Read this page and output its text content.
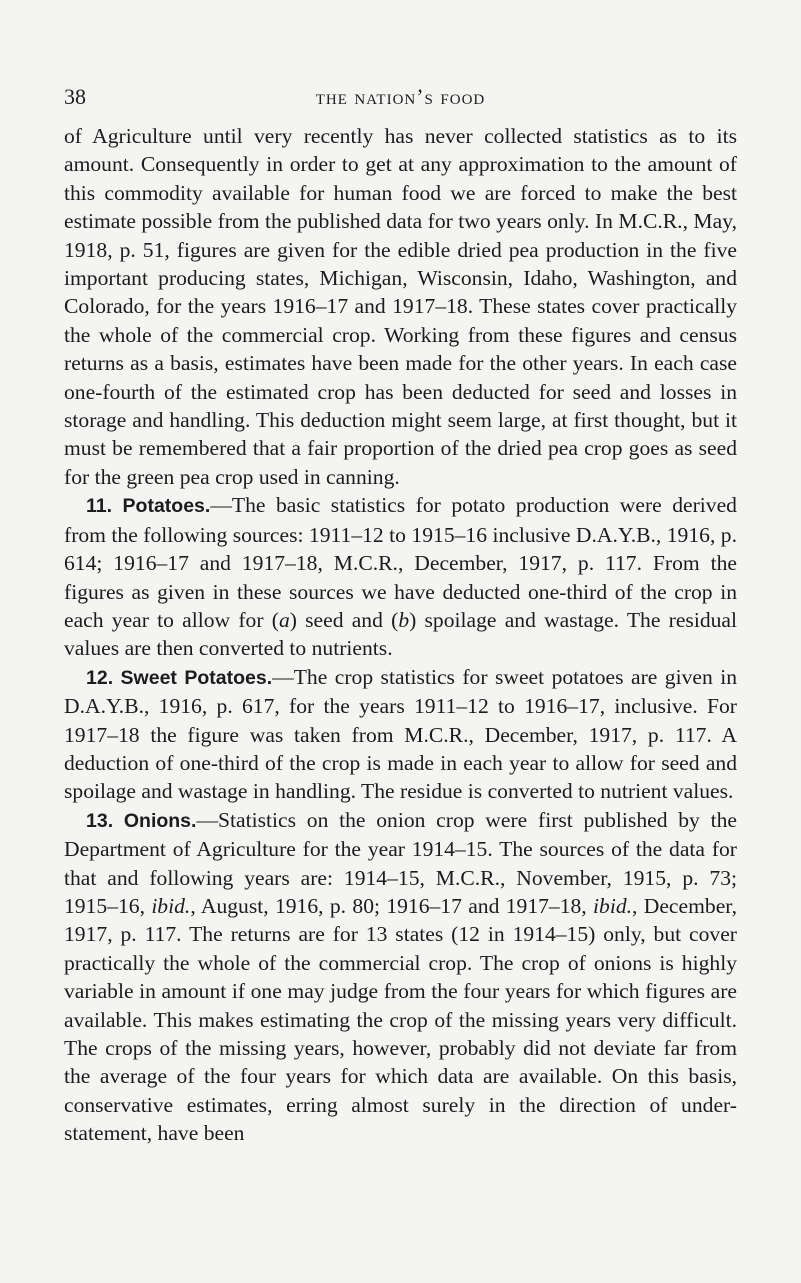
38	the nation’s food

of Agriculture until very recently has never collected statistics as to its amount. Consequently in order to get at any approximation to the amount of this commodity available for human food we are forced to make the best estimate possible from the published data for two years only. In M.C.R., May, 1918, p. 51, figures are given for the edible dried pea production in the five important producing states, Michigan, Wisconsin, Idaho, Washington, and Colorado, for the years 1916–17 and 1917–18. These states cover practically the whole of the commercial crop. Working from these figures and census returns as a basis, estimates have been made for the other years. In each case one-fourth of the estimated crop has been deducted for seed and losses in storage and handling. This deduction might seem large, at first thought, but it must be remembered that a fair proportion of the dried pea crop goes as seed for the green pea crop used in canning.

11. Potatoes.—The basic statistics for potato production were derived from the following sources: 1911–12 to 1915–16 inclusive D.A.Y.B., 1916, p. 614; 1916–17 and 1917–18, M.C.R., December, 1917, p. 117. From the figures as given in these sources we have deducted one-third of the crop in each year to allow for (a) seed and (b) spoilage and wastage. The residual values are then converted to nutrients.

12. Sweet Potatoes.—The crop statistics for sweet potatoes are given in D.A.Y.B., 1916, p. 617, for the years 1911–12 to 1916–17, inclusive. For 1917–18 the figure was taken from M.C.R., December, 1917, p. 117. A deduction of one-third of the crop is made in each year to allow for seed and spoilage and wastage in handling. The residue is converted to nutrient values.

13. Onions.—Statistics on the onion crop were first published by the Department of Agriculture for the year 1914–15. The sources of the data for that and following years are: 1914–15, M.C.R., November, 1915, p. 73; 1915–16, ibid., August, 1916, p. 80; 1916–17 and 1917–18, ibid., December, 1917, p. 117. The returns are for 13 states (12 in 1914–15) only, but cover practically the whole of the commercial crop. The crop of onions is highly variable in amount if one may judge from the four years for which figures are available. This makes estimating the crop of the missing years very difficult. The crops of the missing years, however, probably did not deviate far from the average of the four years for which data are available. On this basis, conservative estimates, erring almost surely in the direction of under-statement, have been
